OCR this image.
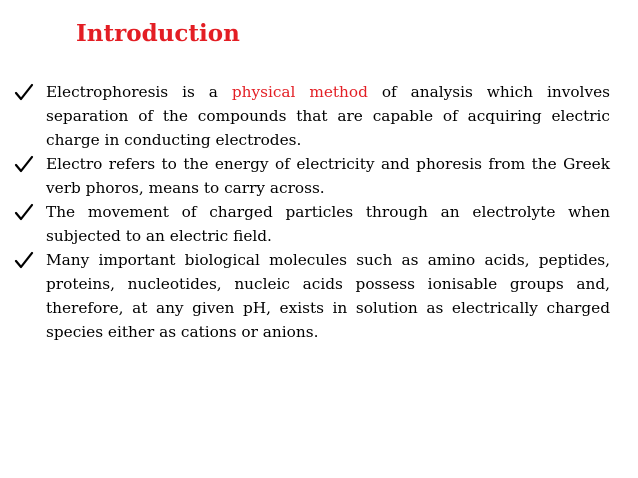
Introduction
Electrophoresis is a physical method of analysis which involves separation of the compounds that are capable of acquiring electric charge in conducting electrodes.
Electro refers to the energy of electricity and phoresis from the Greek verb phoros, means to carry across.
The movement of charged particles through an electrolyte when subjected to an electric field.
Many important biological molecules such as amino acids, peptides, proteins, nucleotides, nucleic acids possess ionisable groups and, therefore, at any given pH, exists in solution as electrically charged species either as cations or anions.
